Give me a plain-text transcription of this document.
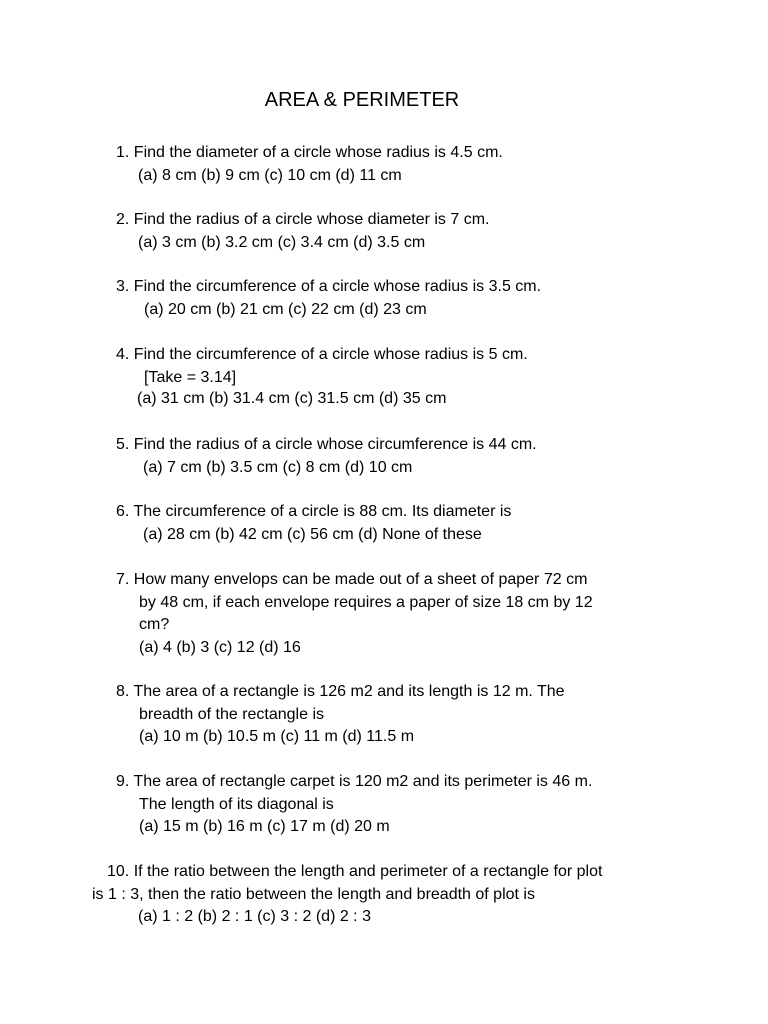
AREA & PERIMETER
1. Find the diameter of a circle whose radius is 4.5 cm.
(a) 8 cm (b) 9 cm (c) 10 cm (d) 11 cm
2. Find the radius of a circle whose diameter is 7 cm.
(a) 3 cm (b) 3.2 cm (c) 3.4 cm (d) 3.5 cm
3. Find the circumference of a circle whose radius is 3.5 cm.
(a) 20 cm (b) 21 cm (c) 22 cm (d) 23 cm
4. Find the circumference of a circle whose radius is 5 cm.
[Take = 3.14]
(a) 31 cm (b) 31.4 cm (c) 31.5 cm (d) 35 cm
5. Find the radius of a circle whose circumference is 44 cm.
(a) 7 cm (b) 3.5 cm (c) 8 cm (d) 10 cm
6. The circumference of a circle is 88 cm. Its diameter is
(a) 28 cm (b) 42 cm (c) 56 cm (d) None of these
7. How many envelops can be made out of a sheet of paper 72 cm
by 48 cm, if each envelope requires a paper of size 18 cm by 12
cm?
(a) 4 (b) 3 (c) 12 (d) 16
8. The area of a rectangle is 126 m2 and its length is 12 m. The
breadth of the rectangle is
(a) 10 m (b) 10.5 m (c) 11 m (d) 11.5 m
9. The area of rectangle carpet is 120 m2 and its perimeter is 46 m.
The length of its diagonal is
(a) 15 m (b) 16 m (c) 17 m (d) 20 m
10. If the ratio between the length and perimeter of a rectangle for plot
is 1 : 3, then the ratio between the length and breadth of plot is
(a) 1 : 2 (b) 2 : 1 (c) 3 : 2 (d) 2 : 3
